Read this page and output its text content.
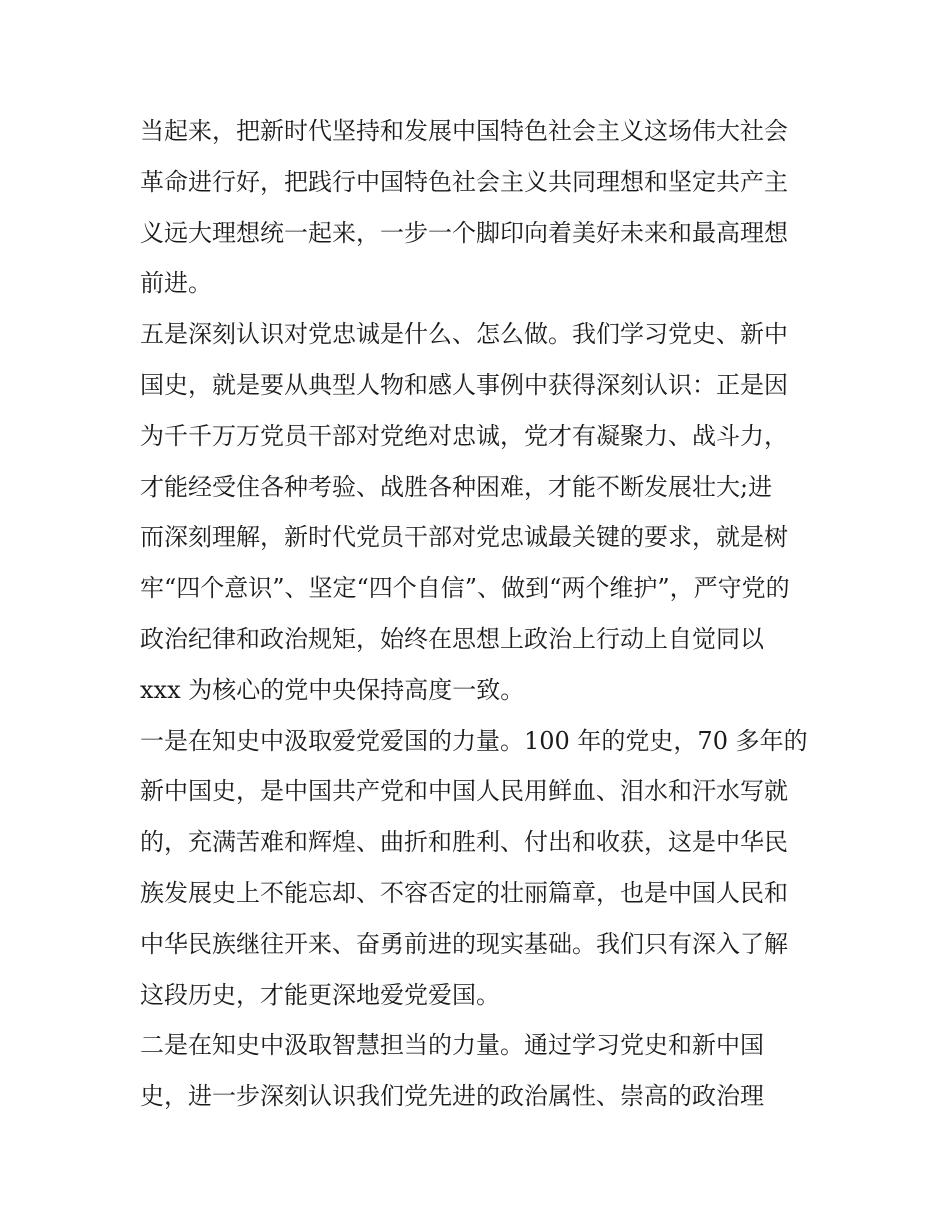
当起来，把新时代坚持和发展中国特色社会主义这场伟大社会
革命进行好，把践行中国特色社会主义共同理想和坚定共产主
义远大理想统一起来，一步一个脚印向着美好未来和最高理想
前进。

五是深刻认识对党忠诚是什么、怎么做。我们学习党史、新中
国史，就是要从典型人物和感人事例中获得深刻认识：正是因
为千千万万党员干部对党绝对忠诚，党才有凝聚力、战斗力，
才能经受住各种考验、战胜各种困难，才能不断发展壮大;进
而深刻理解，新时代党员干部对党忠诚最关键的要求，就是树
牢“四个意识”、坚定“四个自信”、做到“两个维护”，严守党的
政治纪律和政治规矩，始终在思想上政治上行动上自觉同以
xxx 为核心的党中央保持高度一致。

一是在知史中汲取爱党爱国的力量。100 年的党史，70 多年的
新中国史，是中国共产党和中国人民用鲜血、泪水和汗水写就
的，充满苦难和辉煌、曲折和胜利、付出和收获，这是中华民
族发展史上不能忘却、不容否定的壮丽篇章，也是中国人民和
中华民族继往开来、奋勇前进的现实基础。我们只有深入了解
这段历史，才能更深地爱党爱国。

二是在知史中汲取智慧担当的力量。通过学习党史和新中国
史，进一步深刻认识我们党先进的政治属性、崇高的政治理
